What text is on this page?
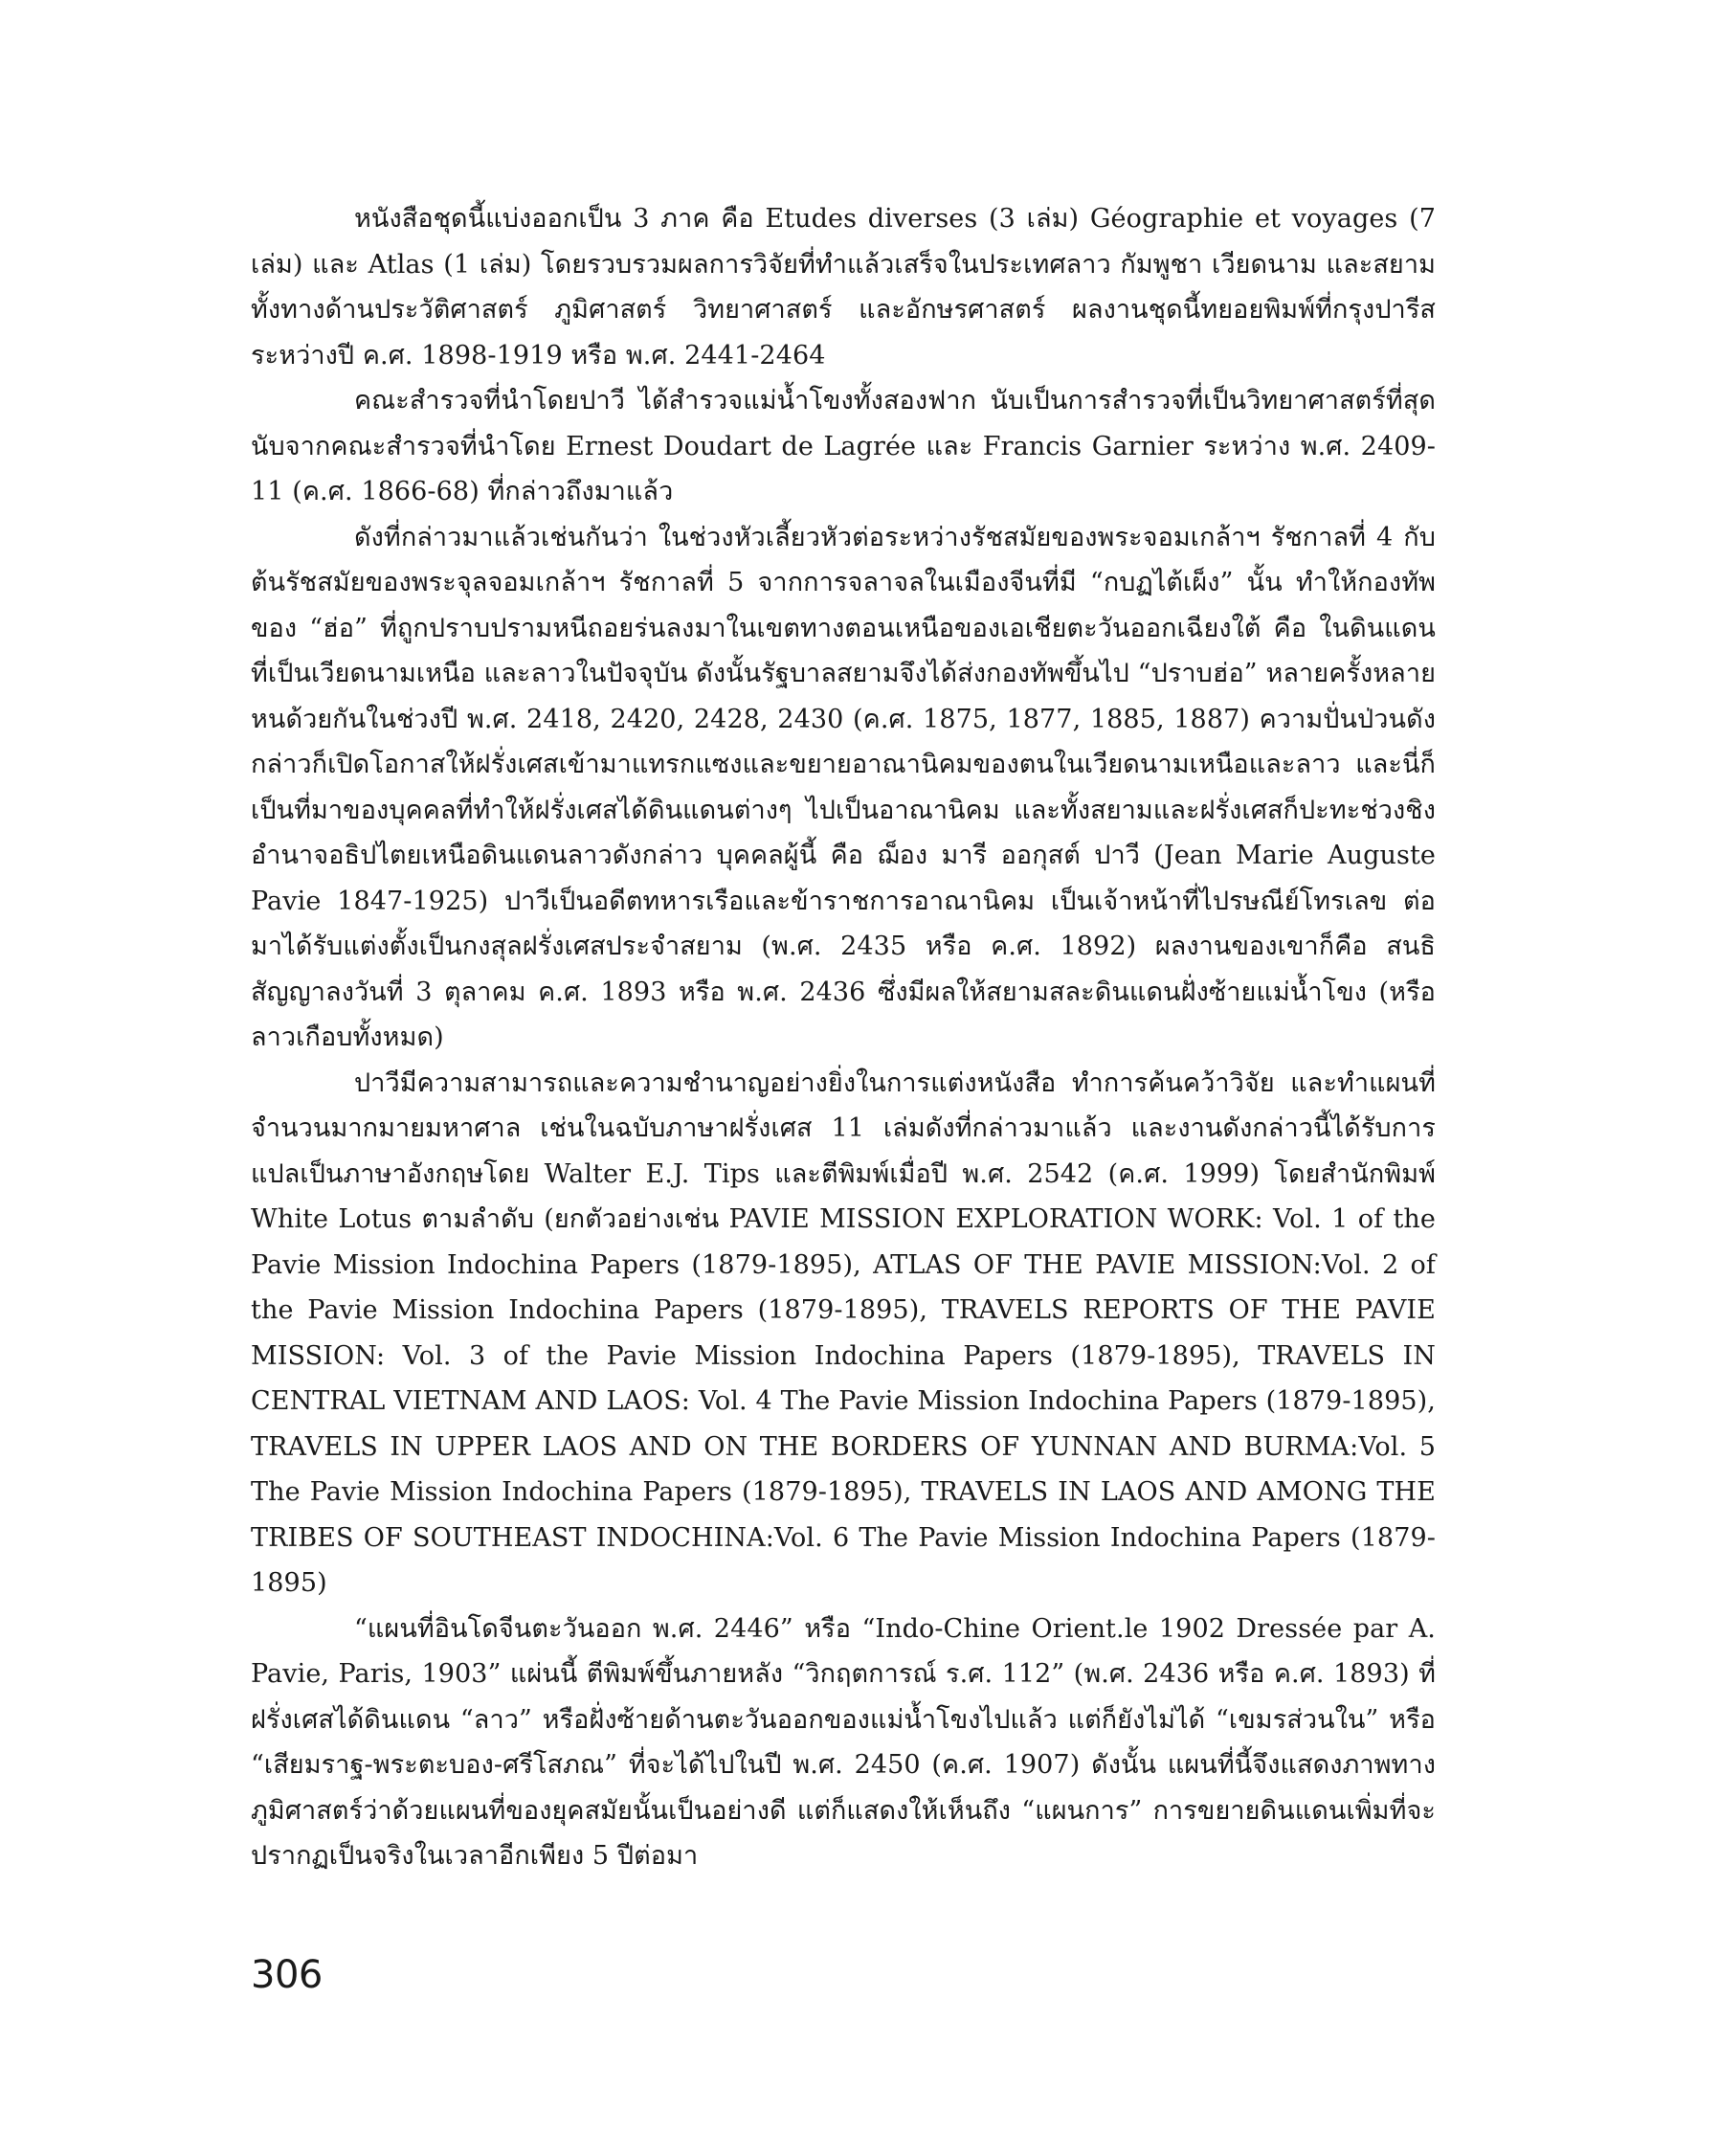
หนังสือชุดนี้แบ่งออกเป็น 3 ภาค คือ Etudes diverses (3 เล่ม) Géographie et voyages (7 เล่ม) และ Atlas (1 เล่ม) โดยรวบรวมผลการวิจัยที่ทำแล้วเสร็จในประเทศลาว กัมพูชา เวียดนาม และสยาม ทั้งทางด้านประวัติศาสตร์ ภูมิศาสตร์ วิทยาศาสตร์ และอักษรศาสตร์ ผลงานชุดนี้ทยอยพิมพ์ที่กรุงปารีส ระหว่างปี ค.ศ. 1898-1919 หรือ พ.ศ. 2441-2464

คณะสำรวจที่นำโดยปาวี ได้สำรวจแม่น้ำโขงทั้งสองฟาก นับเป็นการสำรวจที่เป็นวิทยาศาสตร์ที่สุดนับจากคณะสำรวจที่นำโดย Ernest Doudart de Lagrée และ Francis Garnier ระหว่าง พ.ศ. 2409-11 (ค.ศ. 1866-68) ที่กล่าวถึงมาแล้ว

ดังที่กล่าวมาแล้วเช่นกันว่า ในช่วงหัวเลี้ยวหัวต่อระหว่างรัชสมัยของพระจอมเกล้าฯ รัชกาลที่ 4 กับต้นรัชสมัยของพระจุลจอมเกล้าฯ รัชกาลที่ 5 จากการจลาจลในเมืองจีนที่มี “กบฏไต้เผ็ง” นั้น ทำให้กองทัพของ “ฮ่อ” ที่ถูกปราบปรามหนีถอยร่นลงมาในเขตทางตอนเหนือของเอเชียตะวันออกเฉียงใต้ คือ ในดินแดนที่เป็นเวียดนามเหนือ และลาวในปัจจุบัน ดังนั้นรัฐบาลสยามจึงได้ส่งกองทัพขึ้นไป “ปราบฮ่อ” หลายครั้งหลายหนด้วยกันในช่วงปี พ.ศ. 2418, 2420, 2428, 2430 (ค.ศ. 1875, 1877, 1885, 1887) ความปั่นป่วนดังกล่าวก็เปิดโอกาสให้ฝรั่งเศสเข้ามาแทรกแซงและขยายอาณานิคมของตนในเวียดนามเหนือและลาว และนี่ก็เป็นที่มาของบุคคลที่ทำให้ฝรั่งเศสได้ดินแดนต่างๆ ไปเป็นอาณานิคม และทั้งสยามและฝรั่งเศสก็ปะทะช่วงชิงอำนาจอธิปไตยเหนือดินแดนลาวดังกล่าว บุคคลผู้นี้ คือ ฌ็อง มารี ออกุสต์ ปาวี (Jean Marie Auguste Pavie 1847-1925) ปาวีเป็นอดีตทหารเรือและข้าราชการอาณานิคม เป็นเจ้าหน้าที่ไปรษณีย์โทรเลข ต่อมาได้รับแต่งตั้งเป็นกงสุลฝรั่งเศสประจำสยาม (พ.ศ. 2435 หรือ ค.ศ. 1892) ผลงานของเขาก็คือ สนธิสัญญาลงวันที่ 3 ตุลาคม ค.ศ. 1893 หรือ พ.ศ. 2436 ซึ่งมีผลให้สยามสละดินแดนฝั่งซ้ายแม่น้ำโขง (หรือลาวเกือบทั้งหมด)

ปาวีมีความสามารถและความชำนาญอย่างยิ่งในการแต่งหนังสือ ทำการค้นคว้าวิจัย และทำแผนที่จำนวนมากมายมหาศาล เช่นในฉบับภาษาฝรั่งเศส 11 เล่มดังที่กล่าวมาแล้ว และงานดังกล่าวนี้ได้รับการแปลเป็นภาษาอังกฤษโดย Walter E.J. Tips และตีพิมพ์เมื่อปี พ.ศ. 2542 (ค.ศ. 1999) โดยสำนักพิมพ์ White Lotus ตามลำดับ (ยกตัวอย่างเช่น PAVIE MISSION EXPLORATION WORK: Vol. 1 of the Pavie Mission Indochina Papers (1879-1895), ATLAS OF THE PAVIE MISSION:Vol. 2 of the Pavie Mission Indochina Papers (1879-1895), TRAVELS REPORTS OF THE PAVIE MISSION: Vol. 3 of the Pavie Mission Indochina Papers (1879-1895), TRAVELS IN CENTRAL VIETNAM AND LAOS: Vol. 4 The Pavie Mission Indochina Papers (1879-1895), TRAVELS IN UPPER LAOS AND ON THE BORDERS OF YUNNAN AND BURMA:Vol. 5 The Pavie Mission Indochina Papers (1879-1895), TRAVELS IN LAOS AND AMONG THE TRIBES OF SOUTHEAST INDOCHINA:Vol. 6 The Pavie Mission Indochina Papers (1879-1895)

“แผนที่อินโดจีนตะวันออก พ.ศ. 2446” หรือ “Indo-Chine Orient.le 1902 Dressée par A. Pavie, Paris, 1903” แผ่นนี้ ตีพิมพ์ขึ้นภายหลัง “วิกฤตการณ์ ร.ศ. 112” (พ.ศ. 2436 หรือ ค.ศ. 1893) ที่ฝรั่งเศสได้ดินแดน “ลาว” หรือฝั่งซ้ายด้านตะวันออกของแม่น้ำโขงไปแล้ว แต่ก็ยังไม่ได้ “เขมรส่วนใน” หรือ “เสียมราฐ-พระตะบอง-ศรีโสภณ” ที่จะได้ไปในปี พ.ศ. 2450 (ค.ศ. 1907) ดังนั้น แผนที่นี้จึงแสดงภาพทางภูมิศาสตร์ว่าด้วยแผนที่ของยุคสมัยนั้นเป็นอย่างดี แต่ก็แสดงให้เห็นถึง “แผนการ” การขยายดินแดนเพิ่มที่จะปรากฏเป็นจริงในเวลาอีกเพียง 5 ปีต่อมา

306
